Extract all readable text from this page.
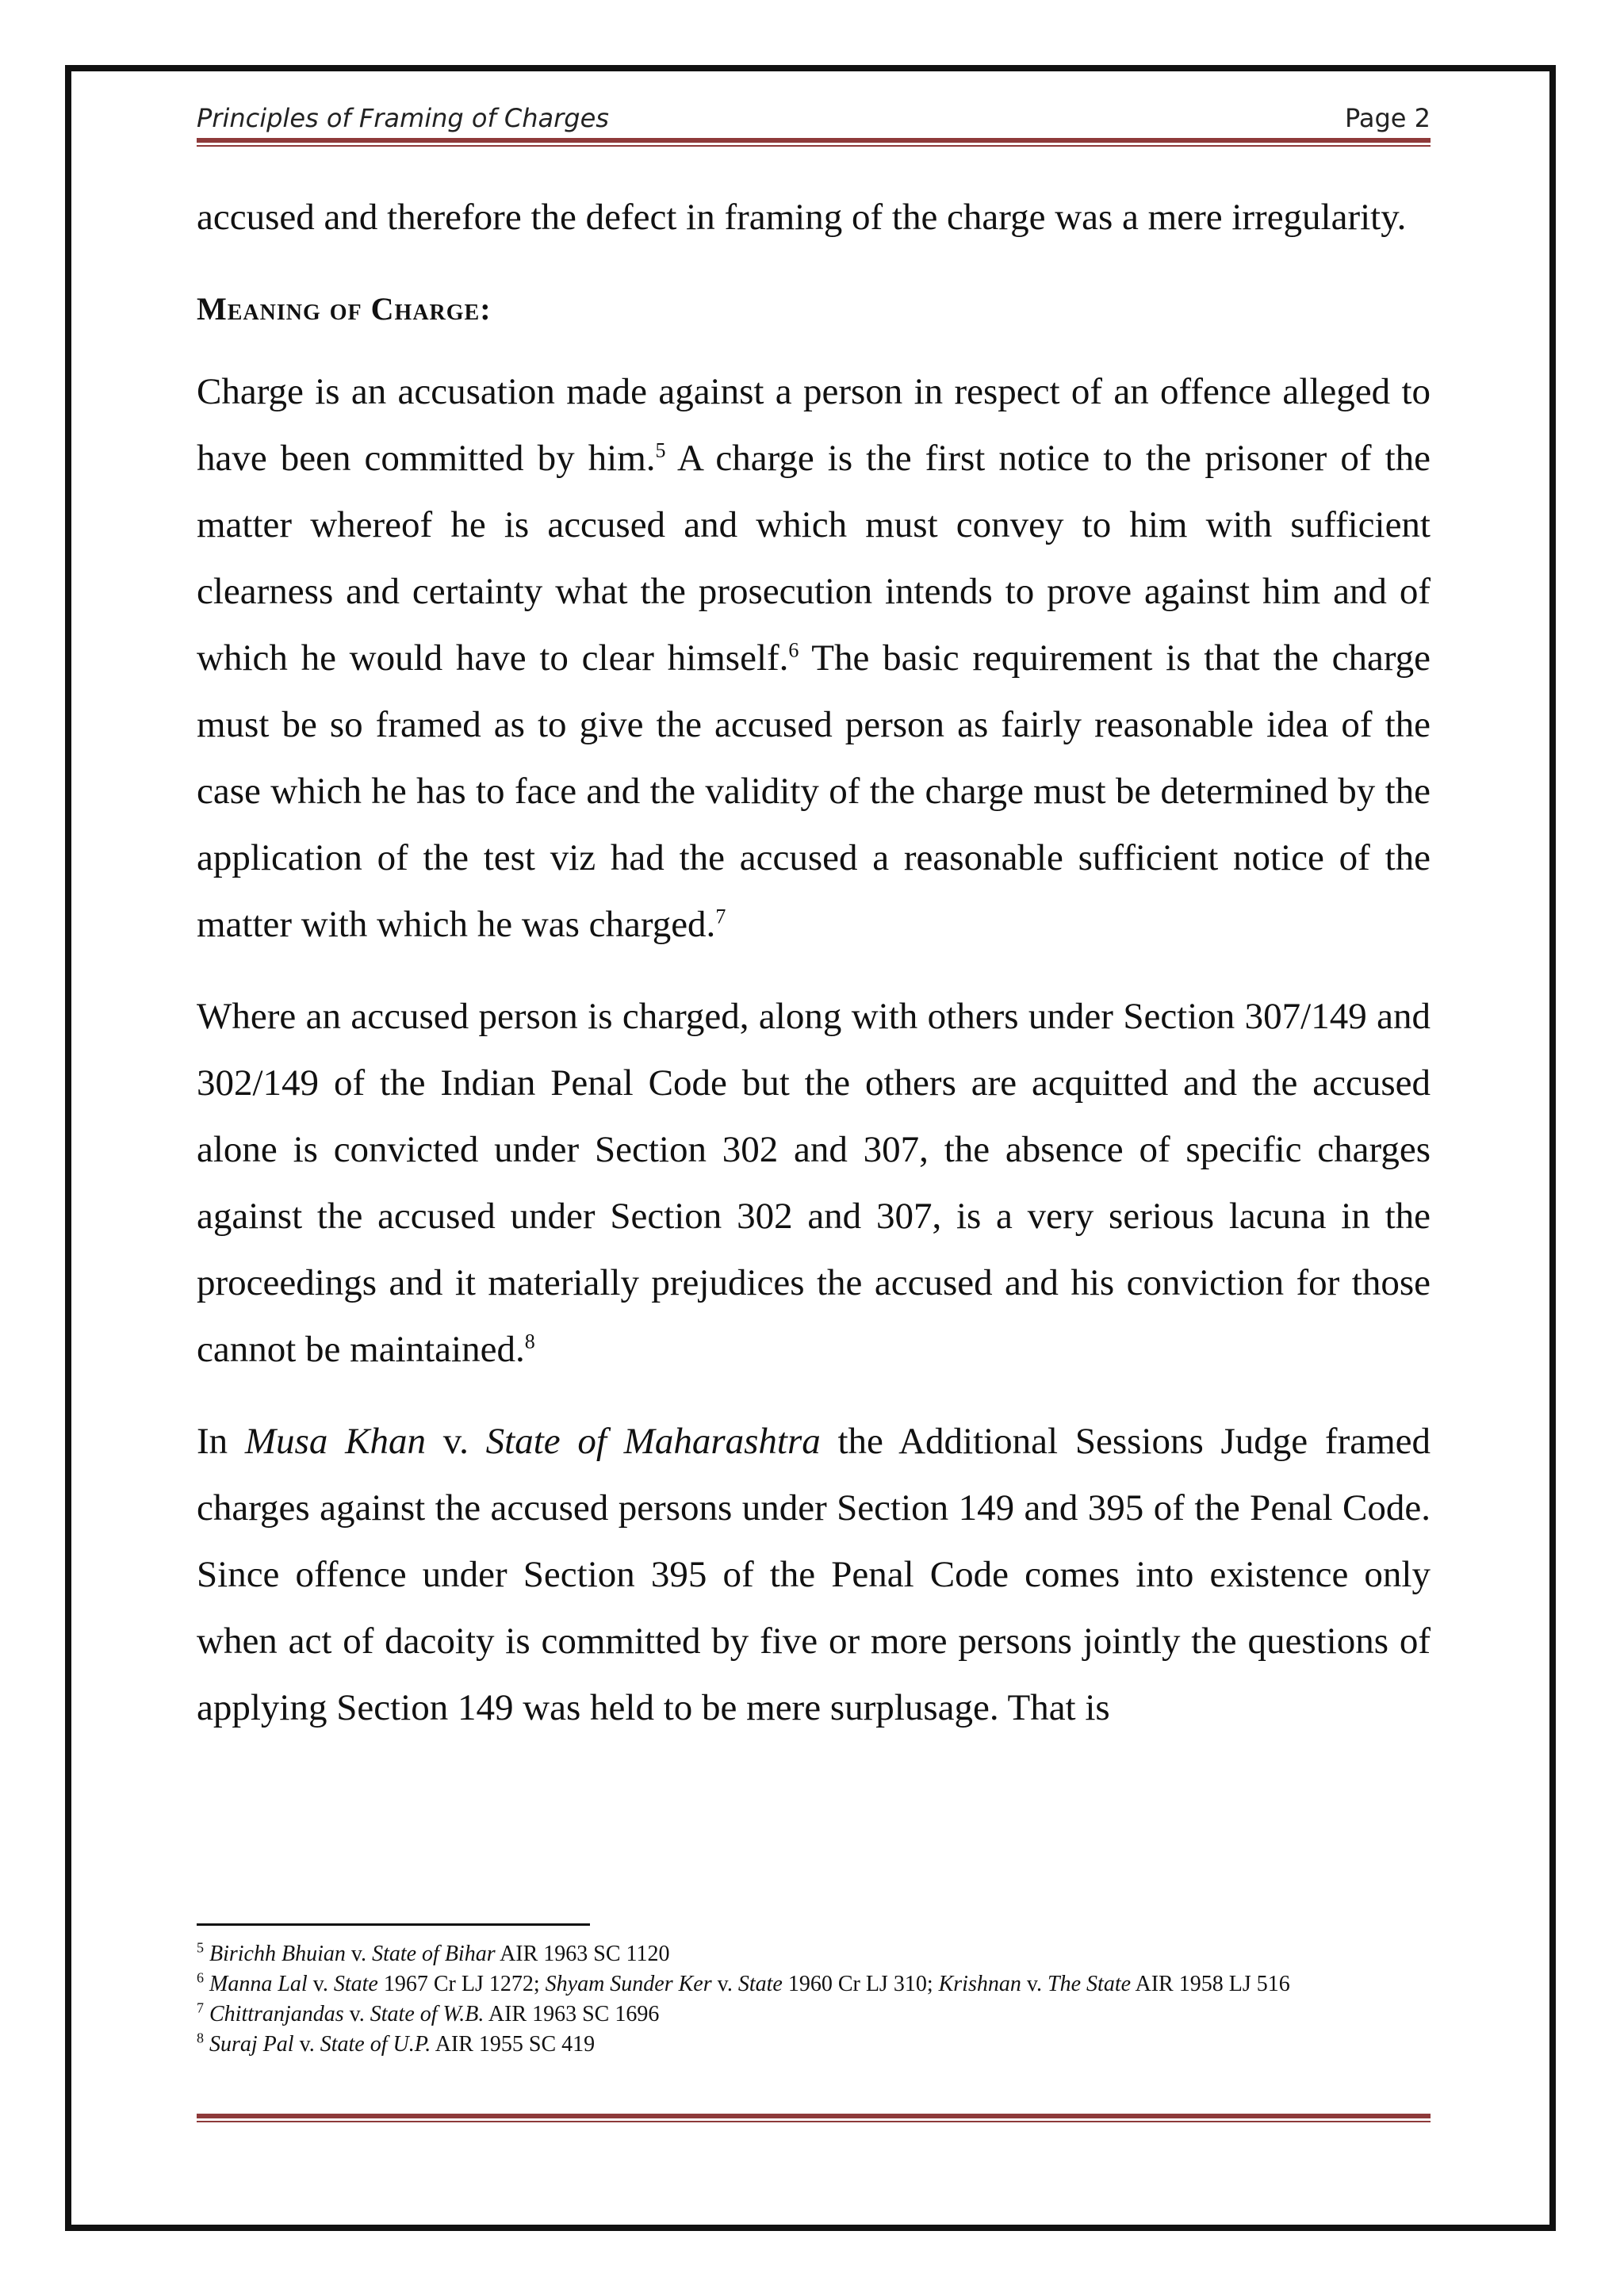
Principles of Framing of Charges	Page 2

accused and therefore the defect in framing of the charge was a mere irregularity.

Meaning of Charge:

Charge is an accusation made against a person in respect of an offence alleged to have been committed by him.$^5$ A charge is the first notice to the prisoner of the matter whereof he is accused and which must convey to him with sufficient clearness and certainty what the prosecution intends to prove against him and of which he would have to clear himself.$^6$ The basic requirement is that the charge must be so framed as to give the accused person as fairly reasonable idea of the case which he has to face and the validity of the charge must be determined by the application of the test viz had the accused a reasonable sufficient notice of the matter with which he was charged.$^7$

Where an accused person is charged, along with others under Section 307/149 and 302/149 of the Indian Penal Code but the others are acquitted and the accused alone is convicted under Section 302 and 307, the absence of specific charges against the accused under Section 302 and 307, is a very serious lacuna in the proceedings and it materially prejudices the accused and his conviction for those cannot be maintained.$^8$

In Musa Khan v. State of Maharashtra the Additional Sessions Judge framed charges against the accused persons under Section 149 and 395 of the Penal Code. Since offence under Section 395 of the Penal Code comes into existence only when act of dacoity is committed by five or more persons jointly the questions of applying Section 149 was held to be mere surplusage. That is

$^5$ Birichh Bhuian v. State of Bihar AIR 1963 SC 1120
$^6$ Manna Lal v. State 1967 Cr LJ 1272; Shyam Sunder Ker v. State 1960 Cr LJ 310; Krishnan v. The State AIR 1958 LJ 516
$^7$ Chittranjandas v. State of W.B. AIR 1963 SC 1696
$^8$ Suraj Pal v. State of U.P. AIR 1955 SC 419
